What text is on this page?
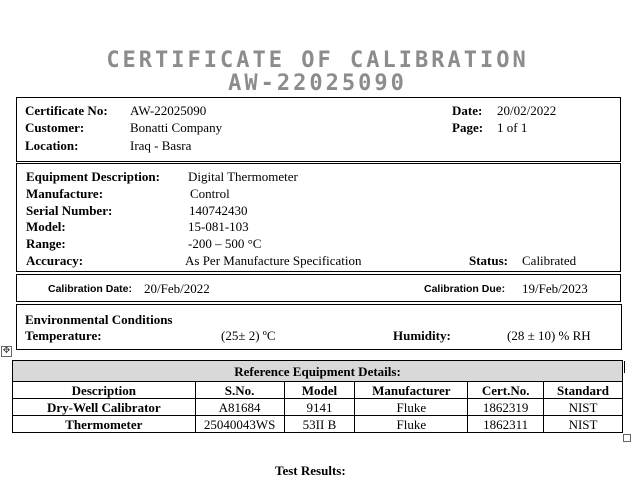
CERTIFICATE OF CALIBRATION
AW-22025090
Certificate No: AW-22025090
Customer:	Bonatti Company
Location:	Iraq - Basra
Date: 20/02/2022
Page: 1 of 1
Equipment Description: Digital Thermometer
Manufacture:	Control
Serial Number:	140742430
Model:	15-081-103
Range:	-200 – 500 °C
Accuracy:	As Per Manufacture Specification	Status: Calibrated
Calibration Date: 20/Feb/2022	Calibration Due: 19/Feb/2023
Environmental Conditions
Temperature:	(25± 2) ºC	Humidity:	(28 ± 10) % RH
✥
Reference Equipment Details:					
Description	S.No.	Model	Manufacturer	Cert.No.	Standard
Dry-Well Calibrator	A81684	9141	Fluke	1862319	NIST
Thermometer	25040043WS	53II B	Fluke	1862311	NIST
Test Results:
